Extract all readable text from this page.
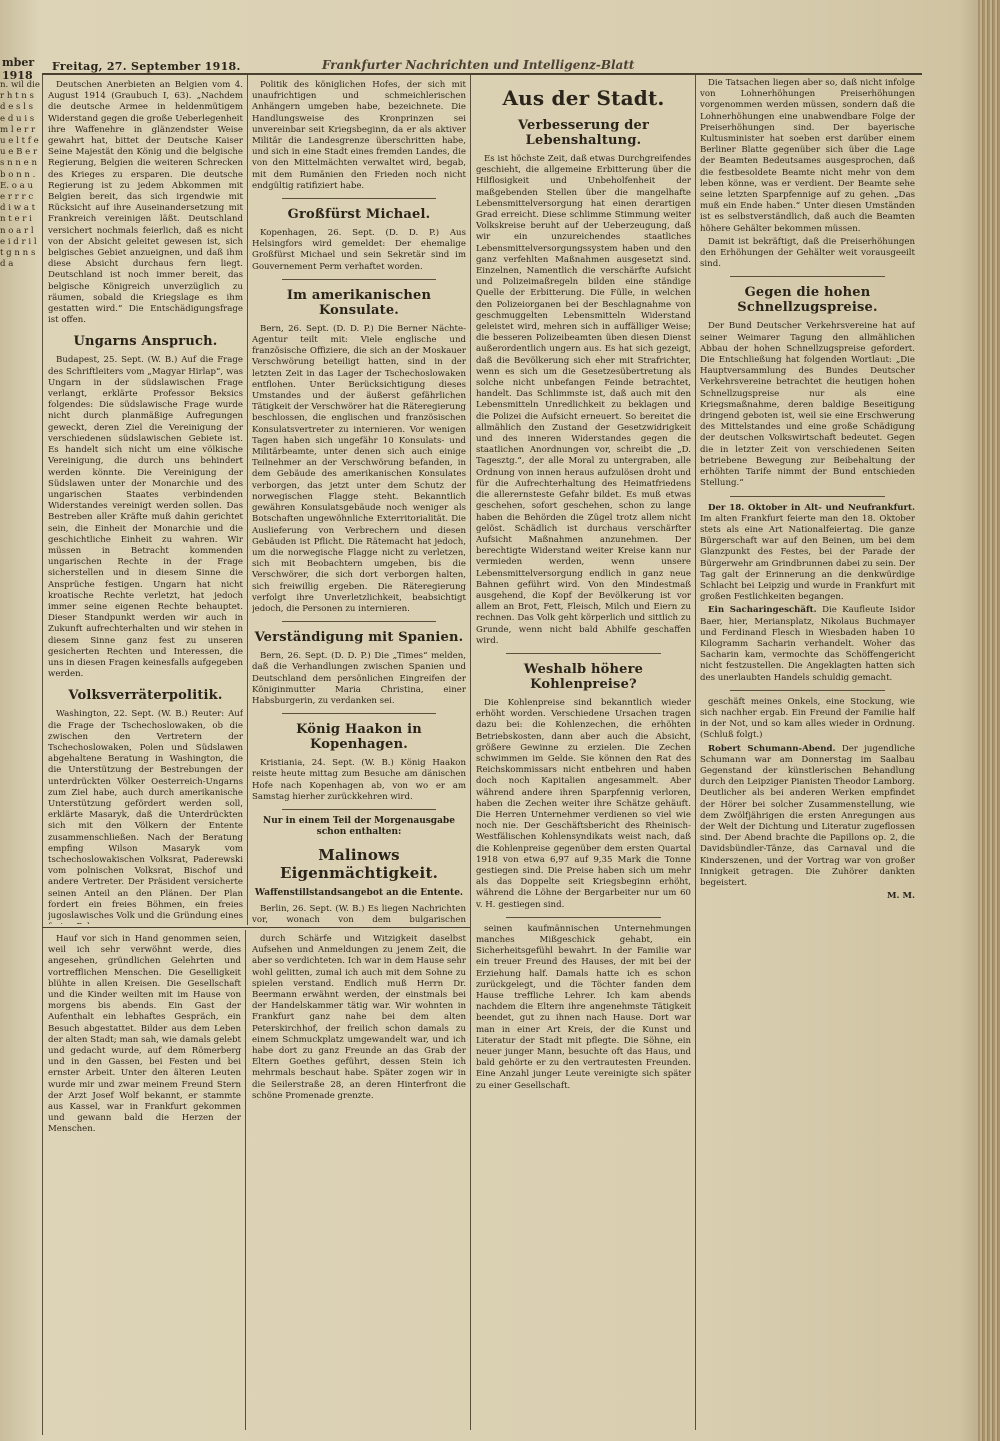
mber 1918
Freitag, 27. September 1918.	Frankfurter Nachrichten und Intelligenz-Blatt
n. wil die r h t n s d e s l s e d u i s m l e r r u e l t f e u e B e r s n n e n b o n n . E. o a u e r r r c d i w a t n t e r i n o a r l e i d r i l t g n n s d a

Deutschen Anerbieten an Belgien vom 4. August 1914 (Graubuch I, 63). „Nachdem die deutsche Armee in heldenmütigem Widerstand gegen die große Ueberlegenheit ihre Waffenehre in glänzendster Weise gewahrt hat, bittet der Deutsche Kaiser Seine Majestät den König und die belgische Regierung, Belgien die weiteren Schrecken des Krieges zu ersparen. Die deutsche Regierung ist zu jedem Abkommen mit Belgien bereit, das sich irgendwie mit Rücksicht auf ihre Auseinandersetzung mit Frankreich vereinigen läßt. Deutschland versichert nochmals feierlich, daß es nicht von der Absicht geleitet gewesen ist, sich belgisches Gebiet anzueignen, und daß ihm diese Absicht durchaus fern liegt. Deutschland ist noch immer bereit, das belgische Königreich unverzüglich zu räumen, sobald die Kriegslage es ihm gestatten wird.“ Die Entschädigungsfrage ist offen.

Ungarns Anspruch.

Budapest, 25. Sept. (W. B.) Auf die Frage des Schriftleiters vom „Magyar Hirlap“, was Ungarn in der südslawischen Frage verlangt, erklärte Professor Beksics folgendes: Die südslawische Frage wurde nicht durch planmäßige Aufregungen geweckt, deren Ziel die Vereinigung der verschiedenen südslawischen Gebiete ist. Es handelt sich nicht um eine völkische Vereinigung, die durch uns behindert werden könnte. Die Vereinigung der Südslawen unter der Monarchie und des ungarischen Staates verbindenden Widerstandes vereinigt werden sollen. Das Bestreben aller Kräfte muß dahin gerichtet sein, die Einheit der Monarchie und die geschichtliche Einheit zu wahren. Wir müssen in Betracht kommenden ungarischen Rechte in der Frage sicherstellen und in diesem Sinne die Ansprüche festigen. Ungarn hat nicht kroatische Rechte verletzt, hat jedoch immer seine eigenen Rechte behauptet. Dieser Standpunkt werden wir auch in Zukunft aufrechterhalten und wir stehen in diesem Sinne ganz fest zu unseren gesicherten Rechten und Interessen, die uns in diesen Fragen keinesfalls aufgegeben werden.

Volksverräterpolitik.

Washington, 22. Sept. (W. B.) Reuter: Auf die Frage der Tschechoslowaken, ob die zwischen den Vertretern der Tschechoslowaken, Polen und Südslawen abgehaltene Beratung in Washington, die die Unterstützung der Bestrebungen der unterdrückten Völker Oesterreich-Ungarns zum Ziel habe, auch durch amerikanische Unterstützung gefördert werden soll, erklärte Masaryk, daß die Unterdrückten sich mit den Völkern der Entente zusammenschließen. Nach der Beratung empfing Wilson Masaryk vom tschechoslowakischen Volksrat, Paderewski vom polnischen Volksrat, Bischof und andere Vertreter. Der Präsident versicherte seinen Anteil an den Plänen. Der Plan fordert ein freies Böhmen, ein freies jugoslawisches Volk und die Gründung eines

Politik des königlichen Hofes, der sich mit unaufrichtigen und schmeichlerischen Anhängern umgeben habe, bezeichnete. Die Handlungsweise des Kronprinzen sei unvereinbar seit Kriegsbeginn, da er als aktiver Militär die Landesgrenze überschritten habe, und sich in eine Stadt eines fremden Landes, die von den Mittelmächten verwaltet wird, begab, mit dem Rumänien den Frieden noch nicht endgültig ratifiziert habe.

Großfürst Michael.

Kopenhagen, 26. Sept. (D. D. P.) Aus Helsingfors wird gemeldet: Der ehemalige Großfürst Michael und sein Sekretär sind im Gouvernement Perm verhaftet worden.

Im amerikanischen Konsulate.

Bern, 26. Sept. (D. D. P.) Die Berner Nächte-Agentur teilt mit: Viele englische und französische Offiziere, die sich an der Moskauer Verschwörung beteiligt hatten, sind in der letzten Zeit in das Lager der Tschechoslowaken entflohen. Unter Berücksichtigung dieses Umstandes und der äußerst gefährlichen Tätigkeit der Verschwörer hat die Räteregierung beschlossen, die englischen und französischen Konsulatsvertreter zu internieren. Vor wenigen Tagen haben sich ungefähr 10 Konsulats- und Militärbeamte, unter denen sich auch einige Teilnehmer an der Verschwörung befanden, in dem Gebäude des amerikanischen Konsulates verborgen, das jetzt unter dem Schutz der norwegischen Flagge steht. Bekanntlich gewähren Konsulatsgebäude noch weniger als Botschaften ungewöhnliche Exterritorialität. Die Auslieferung von Verbrechern und diesen Gebäuden ist Pflicht. Die Rätemacht hat jedoch, um die norwegische Flagge nicht zu verletzen, sich mit Beobachtern umgeben, bis die Verschwörer, die sich dort verborgen halten, sich freiwillig ergeben. Die Räteregierung verfolgt ihre Unverletzlichkeit, beabsichtigt jedoch, die Personen zu internieren.

Verständigung mit Spanien.

Bern, 26. Sept. (D. D. P.) Die „Times“ melden, daß die Verhandlungen zwischen Spanien und Deutschland dem persönlichen Eingreifen der Königinmutter Maria Christina, einer Habsburgerin, zu verdanken sei.

König Haakon in Kopenhagen.

Kristiania, 24. Sept. (W. B.) König Haakon reiste heute mittag zum Besuche am dänischen Hofe nach Kopenhagen ab, von wo er am Samstag hierher zurückkehren wird.

Nur in einem Teil der Morgenausgabe schon enthalten:
Malinows Eigenmächtigkeit.
Waffenstillstandsangebot an die Entente.

Berlin, 26. Sept. (W. B.) Es liegen Nachrichten vor, wonach von dem bulgarischen

Aus der Stadt.
Verbesserung der Lebenshaltung.

Es ist höchste Zeit, daß etwas Durchgreifendes geschieht, die allgemeine Erbitterung über die Hilflosigkeit und Unbeholfenheit der maßgebenden Stellen über die mangelhafte Lebensmittelversorgung hat einen derartigen Grad erreicht. Diese schlimme Stimmung weiter Volkskreise beruht auf der Ueberzeugung, daß wir ein unzureichendes staatliches Lebensmittelversorgungssystem haben und den ganz verfehlten Maßnahmen ausgesetzt sind. Einzelnen, Namentlich die verschärfte Aufsicht und Polizeimaßregeln bilden eine ständige Quelle der Erbitterung. Die Fülle, in welchen den Polizeiorganen bei der Beschlagnahme von geschmuggelten Lebensmitteln Widerstand geleistet wird, mehren sich in auffälliger Weise; die besseren Polizeibeamten üben diesen Dienst außerordentlich ungern aus. Es hat sich gezeigt, daß die Bevölkerung sich eher mit Strafrichter, wenn es sich um die Gesetzesübertretung als solche nicht unbefangen Feinde betrachtet, handelt. Das Schlimmste ist, daß auch mit den Lebensmitteln Unredlichkeit zu beklagen und die Polizei die Aufsicht erneuert. So bereitet die allmählich den Zustand der Gesetzwidrigkeit und des inneren Widerstandes gegen die staatlichen Anordnungen vor, schreibt die „D. Tagesztg.“, der alle Moral zu untergraben, alle Ordnung von innen heraus aufzulösen droht und für die Aufrechterhaltung des Heimatfriedens die allerernsteste Gefahr bildet. Es muß etwas geschehen, sofort geschehen, schon zu lange haben die Behörden die Zügel trotz allem nicht gelöst. Schädlich ist durchaus verschärfter Aufsicht Maßnahmen anzunehmen. Der berechtigte Widerstand weiter Kreise kann nur vermieden werden, wenn unsere Lebensmittelversorgung endlich in ganz neue Bahnen geführt wird. Von den Mindestmaß ausgehend, die Kopf der Bevölkerung ist vor allem an Brot, Fett, Fleisch, Milch und Eiern zu rechnen. Das Volk geht körperlich und sittlich zu Grunde, wenn nicht bald Abhilfe geschaffen wird.

Weshalb höhere Kohlenpreise?

Die Kohlenpreise sind bekanntlich wieder erhöht worden. Verschiedene Ursachen tragen dazu bei: die Kohlenzechen, die erhöhten Betriebskosten, dann aber auch die Absicht, größere Gewinne zu erzielen. Die Zechen schwimmen im Gelde. Sie können den Rat des Reichskommissars nicht entbehren und haben doch noch Kapitalien angesammelt. Aber während andere ihren Sparpfennig verloren, haben die Zechen weiter ihre Schätze gehäuft. Die Herren Unternehmer verdienen so viel wie noch nie. Der Geschäftsbericht des Rheinisch-Westfälischen Kohlensyndikats weist nach, daß die Kohlenpreise gegenüber dem ersten Quartal 1918 von etwa 6,97 auf 9,35 Mark die Tonne gestiegen sind. Die Preise haben sich um mehr als das Doppelte seit Kriegsbeginn erhöht, während die Löhne der Bergarbeiter nur um 60 v. H. gestiegen sind.

seinen kaufmännischen Unternehmungen manches Mißgeschick gehabt, ein Sicherheitsgefühl bewahrt. In der Familie war ein treuer Freund des Hauses, der mit bei der Erziehung half. Damals hatte ich es schon zurückgelegt, und die Töchter fanden dem Hause treffliche Lehrer. Ich kam abends nachdem die Eltern ihre angenehmste Tätigkeit beendet, gut zu ihnen nach Hause. Dort war man in einer Art Kreis, der die Kunst und Literatur der Stadt mit pflegte. Die Söhne, ein neuer junger Mann, besuchte oft das Haus, und bald gehörte er zu den vertrautesten Freunden. Eine Anzahl junger Leute vereinigte sich später zu einer Gesellschaft.

Die Tatsachen liegen aber so, daß nicht infolge von Lohnerhöhungen Preiserhöhungen vorgenommen werden müssen, sondern daß die Lohnerhöhungen eine unabwendbare Folge der Preiserhöhungen sind. Der bayerische Kultusminister hat soeben erst darüber einem Berliner Blatte gegenüber sich über die Lage der Beamten Bedeutsames ausgesprochen, daß die festbesoldete Beamte nicht mehr von dem leben könne, was er verdient. Der Beamte sehe seine letzten Sparpfennige auf zu gehen. „Das muß ein Ende haben.“ Unter diesen Umständen ist es selbstverständlich, daß auch die Beamten höhere Gehälter bekommen müssen.

Damit ist bekräftigt, daß die Preiserhöhungen den Erhöhungen der Gehälter weit vorausgeeilt sind.

Gegen die hohen Schnellzugspreise.

Der Bund Deutscher Verkehrsvereine hat auf seiner Weimarer Tagung den allmählichen Abbau der hohen Schnellzugspreise gefordert. Die Entschließung hat folgenden Wortlaut: „Die Hauptversammlung des Bundes Deutscher Verkehrsvereine betrachtet die heutigen hohen Schnellzugspreise nur als eine Kriegsmaßnahme, deren baldige Beseitigung dringend geboten ist, weil sie eine Erschwerung des Mittelstandes und eine große Schädigung der deutschen Volkswirtschaft bedeutet. Gegen die in letzter Zeit von verschiedenen Seiten betriebene Bewegung zur Beibehaltung der erhöhten Tarife nimmt der Bund entschieden Stellung.“

Der 18. Oktober in Alt- und Neufrankfurt. Im alten Frankfurt feierte man den 18. Oktober stets als eine Art Nationalfeiertag. Die ganze Bürgerschaft war auf den Beinen, um bei dem Glanzpunkt des Festes, bei der Parade der Bürgerwehr am Grindbrunnen dabei zu sein. Der Tag galt der Erinnerung an die denkwürdige Schlacht bei Leipzig und wurde in Frankfurt mit großen Festlichkeiten begangen.

Ein Sacharingeschäft. Die Kaufleute Isidor Baer, hier, Meriansplatz, Nikolaus Buchmayer und Ferdinand Flesch in Wiesbaden haben 10 Kilogramm Sacharin verhandelt. Woher das Sacharin kam, vermochte das Schöffengericht nicht festzustellen. Die Angeklagten hatten sich des unerlaubten Handels schuldig gemacht.

geschäft meines Onkels, eine Stockung, wie sich nachher ergab. Ein Freund der Familie half in der Not, und so kam alles wieder in Ordnung. (Schluß folgt.)

Robert Schumann-Abend. Der jugendliche Schumann war am Donnerstag im Saalbau Gegenstand der künstlerischen Behandlung durch den Leipziger Pianisten Theodor Lamborg. Deutlicher als bei anderen Werken empfindet der Hörer bei solcher Zusammenstellung, wie dem Zwölfjährigen die ersten Anregungen aus der Welt der Dichtung und Literatur zugeflossen sind. Der Abend brachte die Papillons op. 2, die Davidsbündler-Tänze, das Carnaval und die Kinderszenen, und der Vortrag war von großer Innigkeit getragen. Die Zuhörer dankten begeistert.

M. M.

Hauf vor sich in Hand genommen seien, weil ich sehr verwöhnt werde, dies angesehen, gründlichen Gelehrten und vortrefflichen Menschen. Die Geselligkeit blühte in allen Kreisen. Die Gesellschaft und die Kinder weilten mit im Hause von morgens bis abends. Ein Gast der Aufenthalt ein lebhaftes Gespräch, ein Besuch abgestattet. Bilder aus dem Leben der alten Stadt; man sah, wie damals gelebt und gedacht wurde, auf dem Römerberg und in den Gassen, bei Festen und bei ernster Arbeit. Unter den älteren Leuten wurde mir und zwar meinem Freund Stern der Arzt Josef Wolf bekannt, er stammte aus Kassel, war in Frankfurt gekommen und gewann bald die Herzen der Menschen.

durch Schärfe und Witzigkeit daselbst Aufsehen und Anmeldungen zu jenem Zeit, die aber so verdichteten. Ich war in dem Hause sehr wohl gelitten, zumal ich auch mit dem Sohne zu spielen verstand. Endlich muß Herrn Dr. Beermann erwähnt werden, der einstmals bei der Handelskammer tätig war. Wir wohnten in Frankfurt ganz nahe bei dem alten Peterskirchhof, der freilich schon damals zu einem Schmuckplatz umgewandelt war, und ich habe dort zu ganz Freunde an das Grab der Eltern Goethes geführt, dessen Stein ich mehrmals beschaut habe. Später zogen wir in die Seilerstraße 28, an deren Hinterfront die schöne Promenade grenzte.
